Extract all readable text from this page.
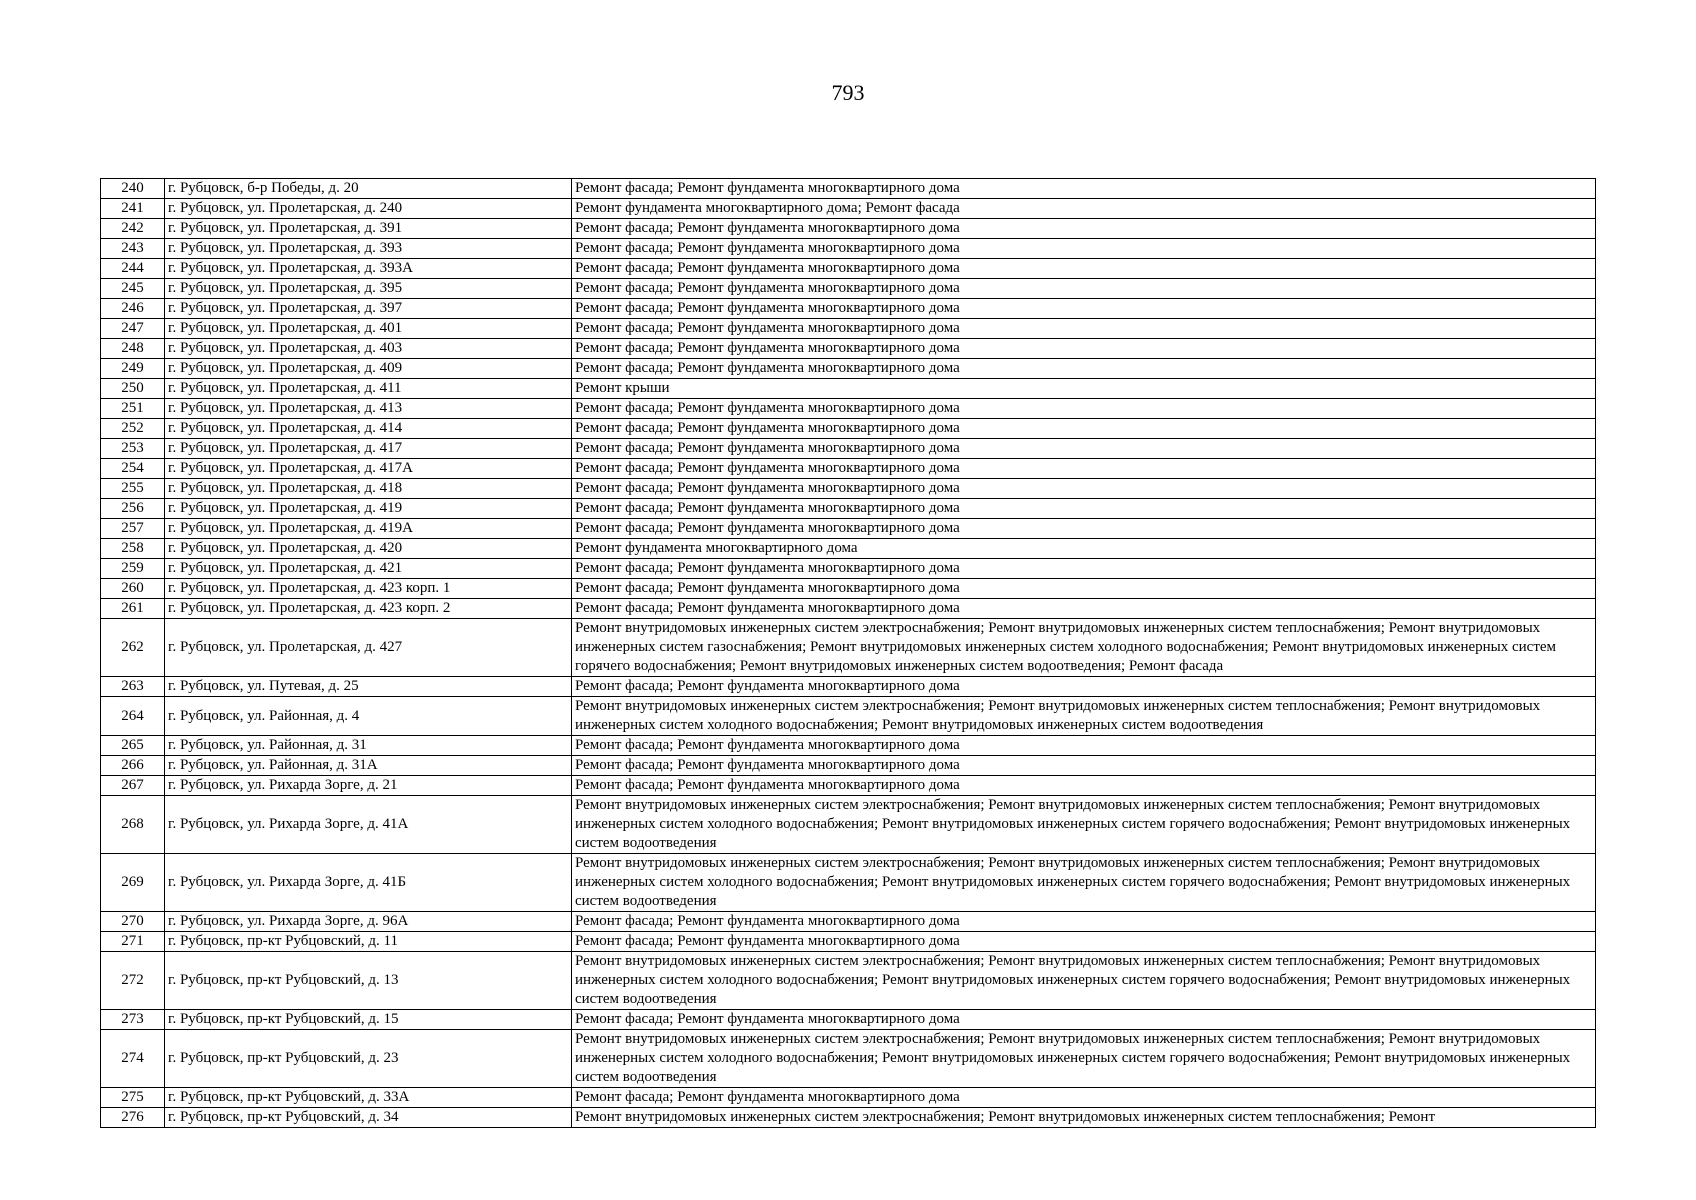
793
240	г. Рубцовск, б-р Победы, д. 20	Ремонт фасада; Ремонт фундамента многоквартирного дома
241	г. Рубцовск, ул. Пролетарская, д. 240	Ремонт фундамента многоквартирного дома; Ремонт фасада
242	г. Рубцовск, ул. Пролетарская, д. 391	Ремонт фасада; Ремонт фундамента многоквартирного дома
243	г. Рубцовск, ул. Пролетарская, д. 393	Ремонт фасада; Ремонт фундамента многоквартирного дома
244	г. Рубцовск, ул. Пролетарская, д. 393А	Ремонт фасада; Ремонт фундамента многоквартирного дома
245	г. Рубцовск, ул. Пролетарская, д. 395	Ремонт фасада; Ремонт фундамента многоквартирного дома
246	г. Рубцовск, ул. Пролетарская, д. 397	Ремонт фасада; Ремонт фундамента многоквартирного дома
247	г. Рубцовск, ул. Пролетарская, д. 401	Ремонт фасада; Ремонт фундамента многоквартирного дома
248	г. Рубцовск, ул. Пролетарская, д. 403	Ремонт фасада; Ремонт фундамента многоквартирного дома
249	г. Рубцовск, ул. Пролетарская, д. 409	Ремонт фасада; Ремонт фундамента многоквартирного дома
250	г. Рубцовск, ул. Пролетарская, д. 411	Ремонт крыши
251	г. Рубцовск, ул. Пролетарская, д. 413	Ремонт фасада; Ремонт фундамента многоквартирного дома
252	г. Рубцовск, ул. Пролетарская, д. 414	Ремонт фасада; Ремонт фундамента многоквартирного дома
253	г. Рубцовск, ул. Пролетарская, д. 417	Ремонт фасада; Ремонт фундамента многоквартирного дома
254	г. Рубцовск, ул. Пролетарская, д. 417А	Ремонт фасада; Ремонт фундамента многоквартирного дома
255	г. Рубцовск, ул. Пролетарская, д. 418	Ремонт фасада; Ремонт фундамента многоквартирного дома
256	г. Рубцовск, ул. Пролетарская, д. 419	Ремонт фасада; Ремонт фундамента многоквартирного дома
257	г. Рубцовск, ул. Пролетарская, д. 419А	Ремонт фасада; Ремонт фундамента многоквартирного дома
258	г. Рубцовск, ул. Пролетарская, д. 420	Ремонт фундамента многоквартирного дома
259	г. Рубцовск, ул. Пролетарская, д. 421	Ремонт фасада; Ремонт фундамента многоквартирного дома
260	г. Рубцовск, ул. Пролетарская, д. 423 корп. 1	Ремонт фасада; Ремонт фундамента многоквартирного дома
261	г. Рубцовск, ул. Пролетарская, д. 423 корп. 2	Ремонт фасада; Ремонт фундамента многоквартирного дома
262	г. Рубцовск, ул. Пролетарская, д. 427	Ремонт внутридомовых инженерных систем электроснабжения; Ремонт внутридомовых инженерных систем теплоснабжения; Ремонт внутридомовых инженерных систем газоснабжения; Ремонт внутридомовых инженерных систем холодного водоснабжения; Ремонт внутридомовых инженерных систем горячего водоснабжения; Ремонт внутридомовых инженерных систем водоотведения; Ремонт фасада
263	г. Рубцовск, ул. Путевая, д. 25	Ремонт фасада; Ремонт фундамента многоквартирного дома
264	г. Рубцовск, ул. Районная, д. 4	Ремонт внутридомовых инженерных систем электроснабжения; Ремонт внутридомовых инженерных систем теплоснабжения; Ремонт внутридомовых инженерных систем холодного водоснабжения; Ремонт внутридомовых инженерных систем водоотведения
265	г. Рубцовск, ул. Районная, д. 31	Ремонт фасада; Ремонт фундамента многоквартирного дома
266	г. Рубцовск, ул. Районная, д. 31А	Ремонт фасада; Ремонт фундамента многоквартирного дома
267	г. Рубцовск, ул. Рихарда Зорге, д. 21	Ремонт фасада; Ремонт фундамента многоквартирного дома
268	г. Рубцовск, ул. Рихарда Зорге, д. 41А	Ремонт внутридомовых инженерных систем электроснабжения; Ремонт внутридомовых инженерных систем теплоснабжения; Ремонт внутридомовых инженерных систем холодного водоснабжения; Ремонт внутридомовых инженерных систем горячего водоснабжения; Ремонт внутридомовых инженерных систем водоотведения
269	г. Рубцовск, ул. Рихарда Зорге, д. 41Б	Ремонт внутридомовых инженерных систем электроснабжения; Ремонт внутридомовых инженерных систем теплоснабжения; Ремонт внутридомовых инженерных систем холодного водоснабжения; Ремонт внутридомовых инженерных систем горячего водоснабжения; Ремонт внутридомовых инженерных систем водоотведения
270	г. Рубцовск, ул. Рихарда Зорге, д. 96А	Ремонт фасада; Ремонт фундамента многоквартирного дома
271	г. Рубцовск, пр-кт Рубцовский, д. 11	Ремонт фасада; Ремонт фундамента многоквартирного дома
272	г. Рубцовск, пр-кт Рубцовский, д. 13	Ремонт внутридомовых инженерных систем электроснабжения; Ремонт внутридомовых инженерных систем теплоснабжения; Ремонт внутридомовых инженерных систем холодного водоснабжения; Ремонт внутридомовых инженерных систем горячего водоснабжения; Ремонт внутридомовых инженерных систем водоотведения
273	г. Рубцовск, пр-кт Рубцовский, д. 15	Ремонт фасада; Ремонт фундамента многоквартирного дома
274	г. Рубцовск, пр-кт Рубцовский, д. 23	Ремонт внутридомовых инженерных систем электроснабжения; Ремонт внутридомовых инженерных систем теплоснабжения; Ремонт внутридомовых инженерных систем холодного водоснабжения; Ремонт внутридомовых инженерных систем горячего водоснабжения; Ремонт внутридомовых инженерных систем водоотведения
275	г. Рубцовск, пр-кт Рубцовский, д. 33А	Ремонт фасада; Ремонт фундамента многоквартирного дома
276	г. Рубцовск, пр-кт Рубцовский, д. 34	Ремонт внутридомовых инженерных систем электроснабжения; Ремонт внутридомовых инженерных систем теплоснабжения; Ремонт
